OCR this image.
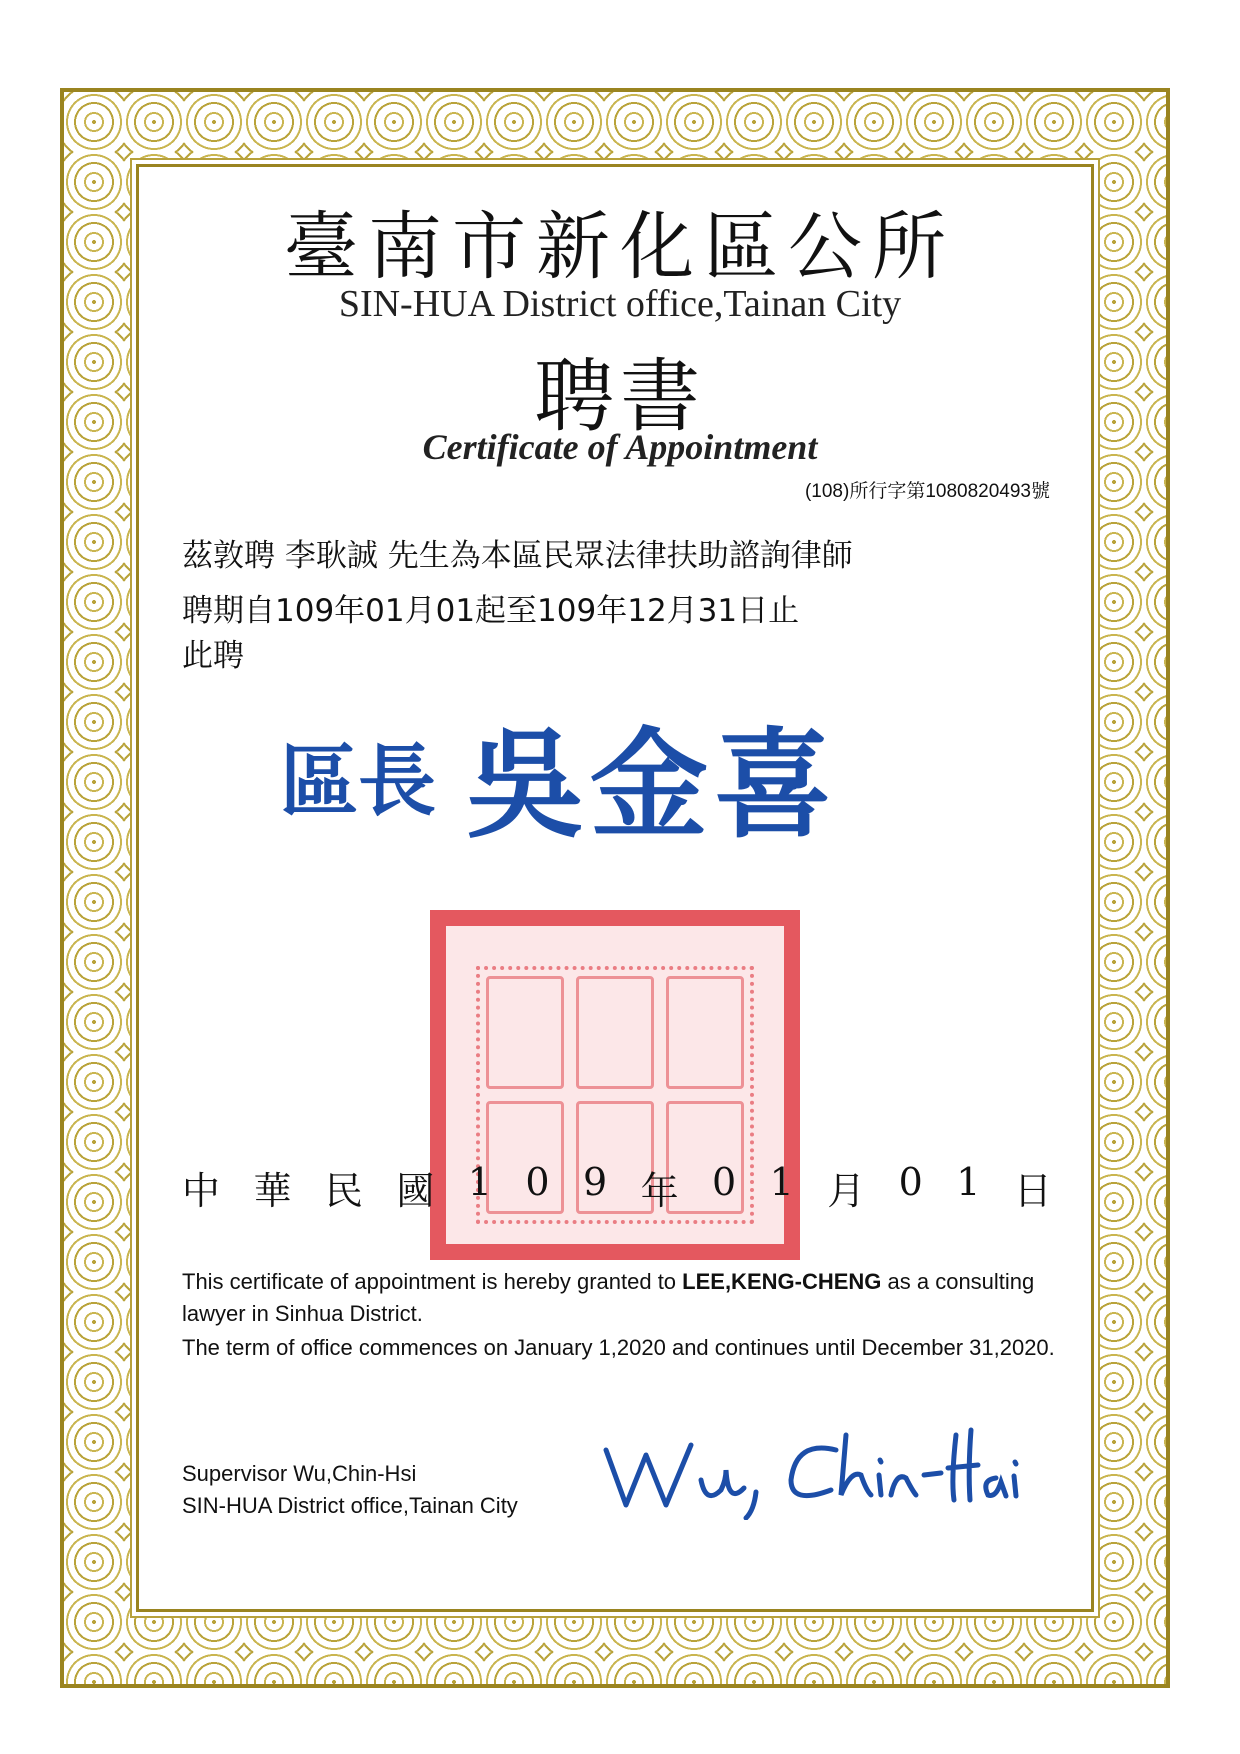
臺南市新化區公所
SIN-HUA District office,Tainan City
聘書
Certificate of Appointment
(108)所行字第1080820493號
茲敦聘 李耿誠 先生為本區民眾法律扶助諮詢律師
聘期自109年01月01起至109年12月31日止
此聘
區長 吳金喜
中 華 民 國 1 0 9 年 0 1 月 0 1 日
This certificate of appointment is hereby granted to LEE,KENG-CHENG as a consulting lawyer in Sinhua District.
The term of office commences on January 1,2020 and continues until December 31,2020.
Supervisor Wu,Chin-Hsi
SIN-HUA District office,Tainan City
